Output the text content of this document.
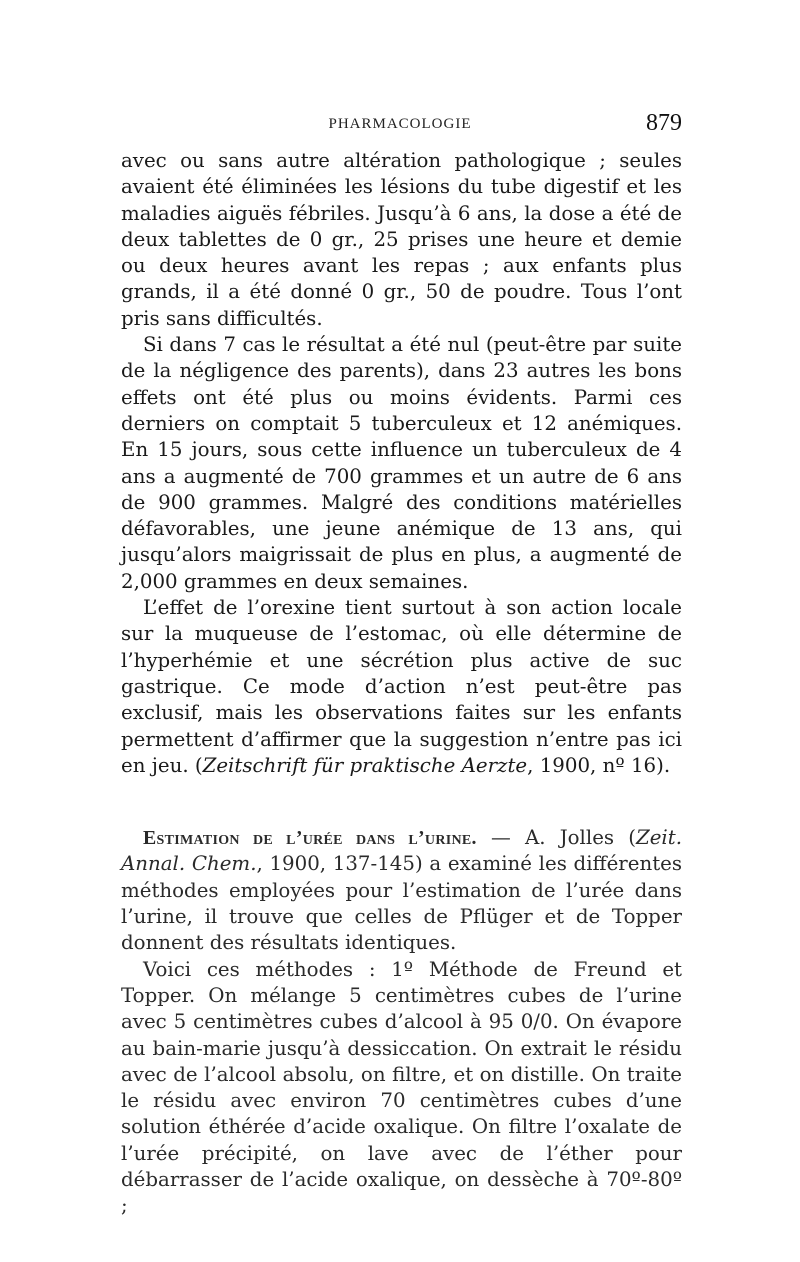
PHARMACOLOGIE	879

avec ou sans autre altération pathologique ; seules avaient été éliminées les lésions du tube digestif et les maladies aiguës fébriles. Jusqu’à 6 ans, la dose a été de deux tablettes de 0 gr., 25 prises une heure et demie ou deux heures avant les repas ; aux enfants plus grands, il a été donné 0 gr., 50 de poudre. Tous l’ont pris sans difficultés.

Si dans 7 cas le résultat a été nul (peut-être par suite de la négligence des parents), dans 23 autres les bons effets ont été plus ou moins évidents. Parmi ces derniers on comptait 5 tuberculeux et 12 anémiques. En 15 jours, sous cette influence un tuberculeux de 4 ans a augmenté de 700 grammes et un autre de 6 ans de 900 grammes. Malgré des conditions matérielles défavorables, une jeune anémique de 13 ans, qui jusqu’alors maigrissait de plus en plus, a augmenté de 2,000 grammes en deux semaines.

L’effet de l’orexine tient surtout à son action locale sur la muqueuse de l’estomac, où elle détermine de l’hyperhémie et une sécrétion plus active de suc gastrique. Ce mode d’action n’est peut-être pas exclusif, mais les observations faites sur les enfants permettent d’affirmer que la suggestion n’entre pas ici en jeu. (Zeitschrift für praktische Aerzte, 1900, nº 16).

Estimation de l’urée dans l’urine. — A. Jolles (Zeit. Annal. Chem., 1900, 137-145) a examiné les différentes méthodes employées pour l’estimation de l’urée dans l’urine, il trouve que celles de Pflüger et de Topper donnent des résultats identiques.

Voici ces méthodes : 1º Méthode de Freund et Topper. On mélange 5 centimètres cubes de l’urine avec 5 centimètres cubes d’alcool à 95 0/0. On évapore au bain-marie jusqu’à dessiccation. On extrait le résidu avec de l’alcool absolu, on filtre, et on distille. On traite le résidu avec environ 70 centimètres cubes d’une solution éthérée d’acide oxalique. On filtre l’oxalate de l’urée précipité, on lave avec de l’éther pour débarrasser de l’acide oxalique, on dessèche à 70º-80º ;
